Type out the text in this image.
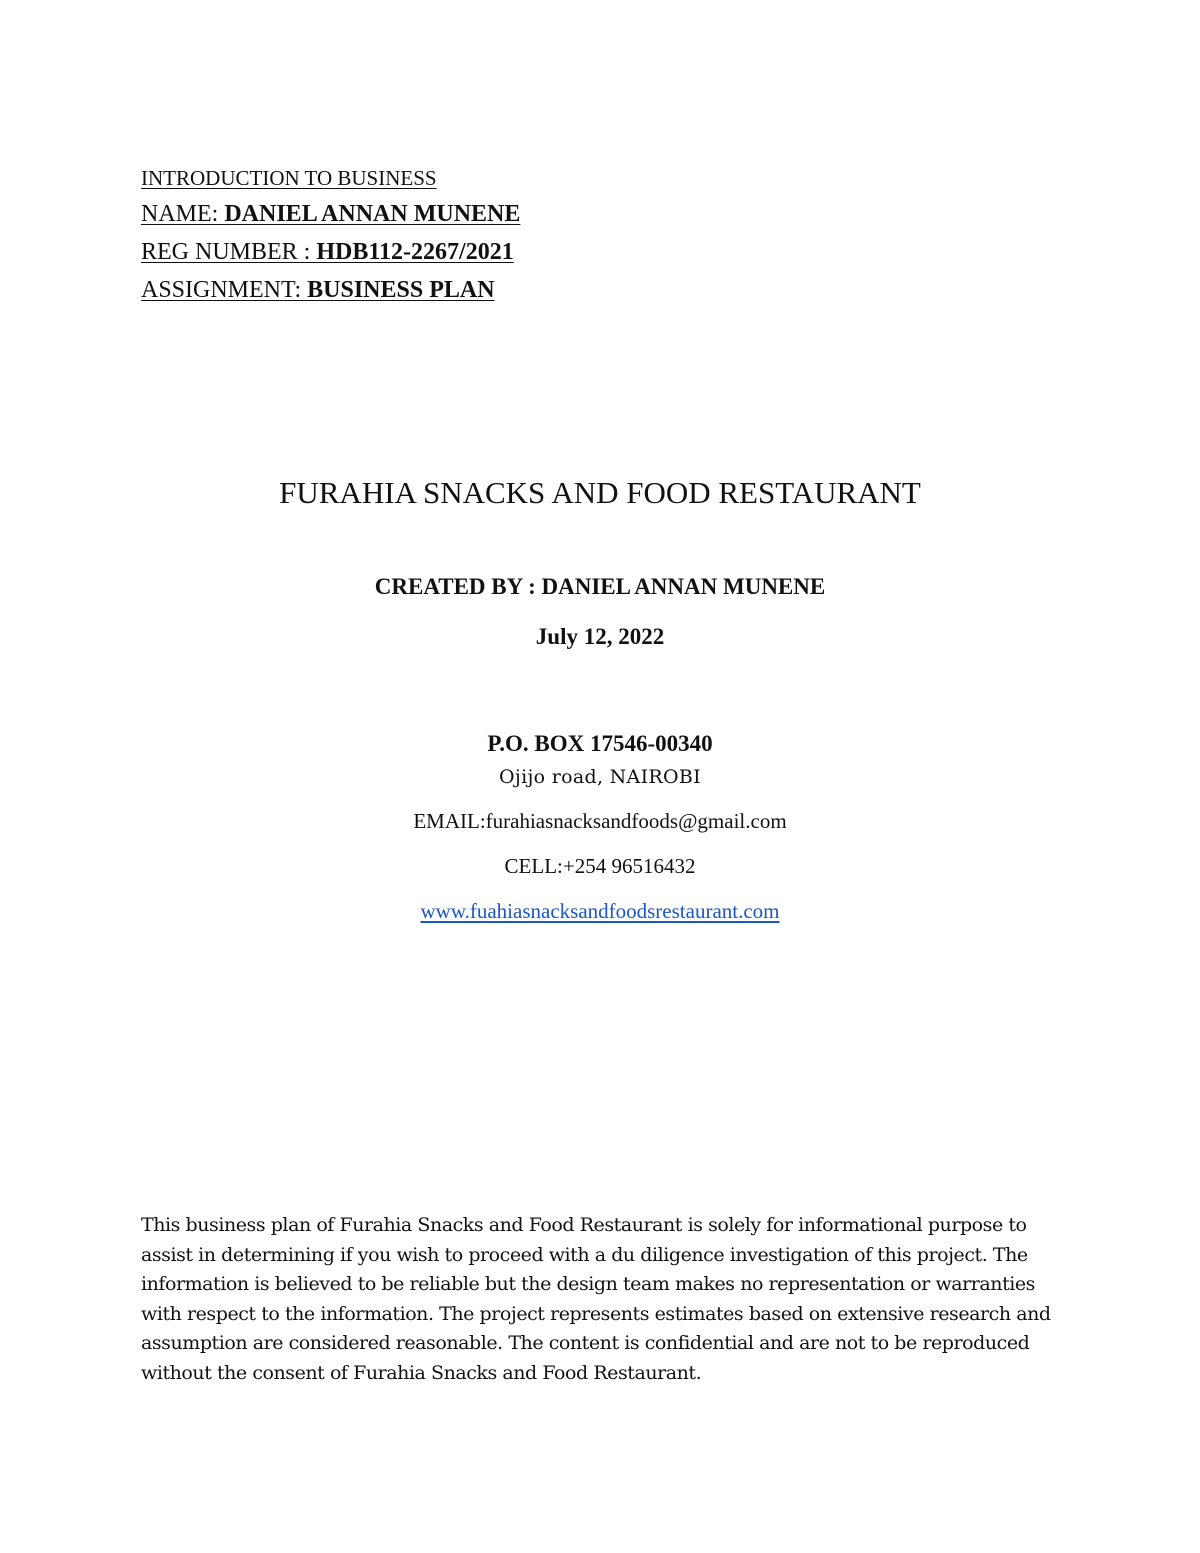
INTRODUCTION TO BUSINESS
NAME: DANIEL ANNAN MUNENE
REG NUMBER : HDB112-2267/2021
ASSIGNMENT: BUSINESS PLAN
FURAHIA SNACKS AND FOOD RESTAURANT
CREATED BY : DANIEL ANNAN MUNENE
July 12, 2022
P.O. BOX 17546-00340
Ojijo road, NAIROBI
EMAIL:furahiasnacksandfoods@gmail.com
CELL:+254 96516432
www.fuahiasnacksandfoodsrestaurant.com
This business plan of Furahia Snacks and Food Restaurant is solely for informational purpose to
assist in determining if you wish to proceed with a du diligence investigation of this project. The
information is believed to be reliable but the design team makes no representation or warranties
with respect to the information. The project represents estimates based on extensive research and
assumption are considered reasonable. The content is confidential and are not to be reproduced
without the consent of Furahia Snacks and Food Restaurant.
